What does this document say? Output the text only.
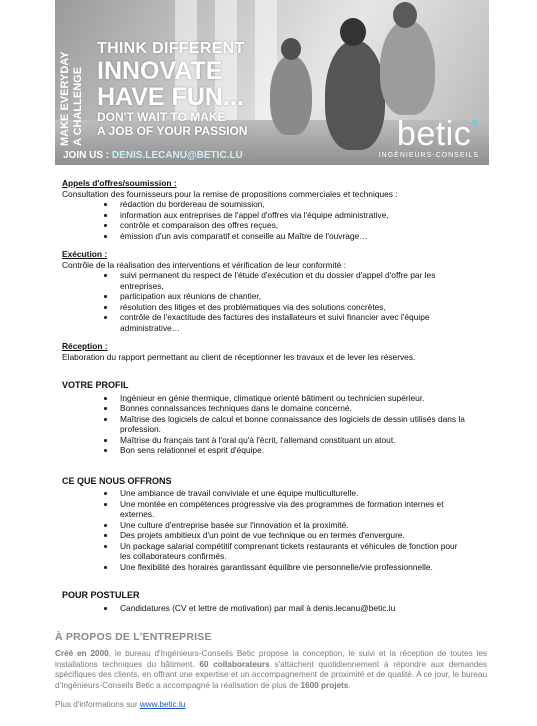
MAKE EVERYDAY A CHALLENGE
THINK DIFFERENT
INNOVATE
HAVE FUN...
DON'T WAIT TO MAKE
A JOB OF YOUR PASSION
JOIN US : DENIS.LECANU@BETIC.LU
betic●
INGÉNIEURS-CONSEILS
Appels d'offres/soumission :
Consultation des fournisseurs pour la remise de propositions commerciales et techniques :
• rédaction du bordereau de soumission,
• information aux entreprises de l'appel d'offres via l'équipe administrative,
• contrôle et comparaison des offres reçues,
• émission d'un avis comparatif et conseille au Maître de l'ouvrage…
Exécution :
Contrôle de la réalisation des interventions et vérification de leur conformité :
• suivi permanent du respect de l'étude d'exécution et du dossier d'appel d'offre par les entreprises,
• participation aux réunions de chantier,
• résolution des litiges et des problématiques via des solutions concrètes,
• contrôle de l'exactitude des factures des installateurs et suivi financier avec l'équipe administrative…
Réception :
Elaboration du rapport permettant au client de réceptionner les travaux et de lever les réserves.
VOTRE PROFIL
• Ingénieur en génie thermique, climatique orienté bâtiment ou technicien supérieur.
• Bonnes connaissances techniques dans le domaine concerné.
• Maîtrise des logiciels de calcul et bonne connaissance des logiciels de dessin utilisés dans la profession.
• Maîtrise du français tant à l'oral qu'à l'écrit, l'allemand constituant un atout.
• Bon sens relationnel et esprit d'équipe.
CE QUE NOUS OFFRONS
• Une ambiance de travail conviviale et une équipe multiculturelle.
• Une montée en compétences progressive via des programmes de formation internes et externes.
• Une culture d'entreprise basée sur l'innovation et la proximité.
• Des projets ambitieux d'un point de vue technique ou en termes d'envergure.
• Un package salarial compétitif comprenant tickets restaurants et véhicules de fonction pour les collaborateurs confirmés.
• Une flexibilité des horaires garantissant équilibre vie personnelle/vie professionnelle.
POUR POSTULER
• Candidatures (CV et lettre de motivation) par mail à denis.lecanu@betic.lu
À PROPOS DE L'ENTREPRISE
Créé en 2000, le bureau d'Ingénieurs-Conseils Betic propose la conception, le suivi et la réception de toutes les installations techniques du bâtiment. 60 collaborateurs s'attachent quotidiennement à répondre aux demandes spécifiques des clients, en offrant une expertise et un accompagnement de proximité et de qualité. A ce jour, le bureau d'Ingénieurs-Conseils Betic a accompagné la réalisation de plus de 1600 projets.
Plus d'informations sur www.betic.lu
